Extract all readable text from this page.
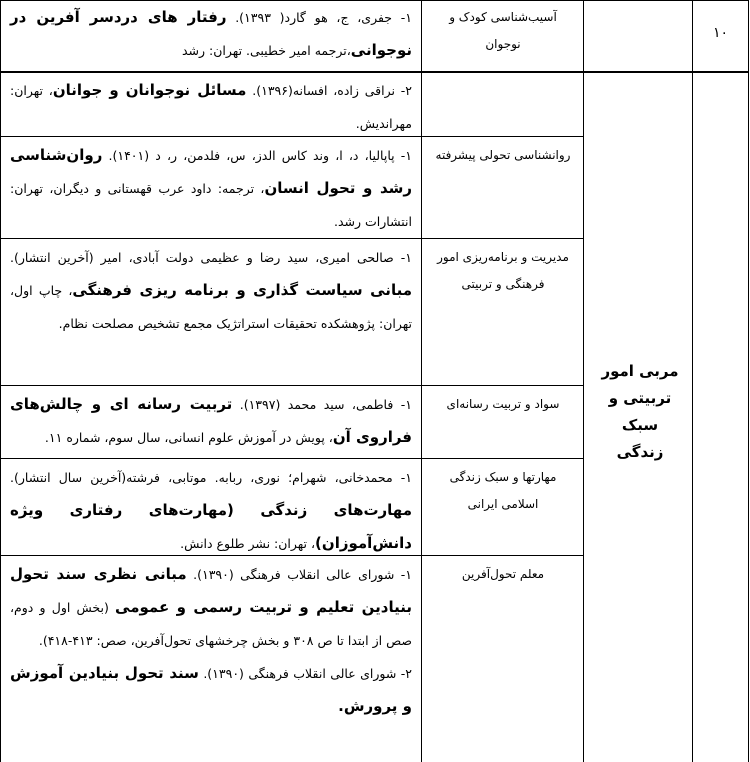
۱۰
مربی امور تربیتی و سبک زندگی
آسیب‌شناسی کودک و نوجوان

۱- جفری، ج، هو گارد( ۱۳۹۳). رفتار های دردسر آفرین در نوجوانی،ترجمه امیر خطیبی. تهران: رشد

۲- نراقی زاده، افسانه(۱۳۹۶). مسائل نوجوانان و جوانان، تهران: مهراندیش.

روانشناسی تحولی پیشرفته

۱- پاپالیا، د، ا، وند کاس الدز، س، فلدمن، ر، د (۱۴۰۱). روان‌شناسی رشد و تحول انسان، ترجمه: داود عرب قهستانی و دیگران، تهران: انتشارات رشد.

مدیریت و برنامه‌ریزی امور فرهنگی و تربیتی

۱- صالحی امیری، سید رضا و عظیمی دولت آبادی، امیر (آخرین انتشار). مبانی سیاست گذاری و برنامه ریزی فرهنگی، چاپ اول، تهران: پژوهشکده تحقیقات استراتژیک مجمع تشخیص مصلحت نظام.

سواد و تربیت رسانه‌ای

۱- فاطمی، سید محمد (۱۳۹۷). تربیت رسانه ای و چالش‌های فراروی آن، پویش در آموزش علوم انسانی، سال سوم، شماره ۱۱.

مهارتها و سبک زندگی اسلامی ایرانی

۱- محمدخانی، شهرام؛ نوری، ربابه. موتابی، فرشته(آخرین سال انتشار). مهارت‌های زندگی (مهارت‌های رفتاری ویژه دانش‌آموزان)، تهران: نشر طلوع دانش.

معلم تحول‌آفرین

۱- شورای عالی انقلاب فرهنگی (۱۳۹۰). مبانی نظری سند تحول بنیادین تعلیم و تربیت رسمی و عمومی (بخش اول و دوم، صص از ابتدا تا ص ۳۰۸ و بخش چرخشهای تحول‌آفرین، صص: ۴۱۳-۴۱۸).

۲- شورای عالی انقلاب فرهنگی (۱۳۹۰). سند تحول بنیادین آموزش و پرورش.
